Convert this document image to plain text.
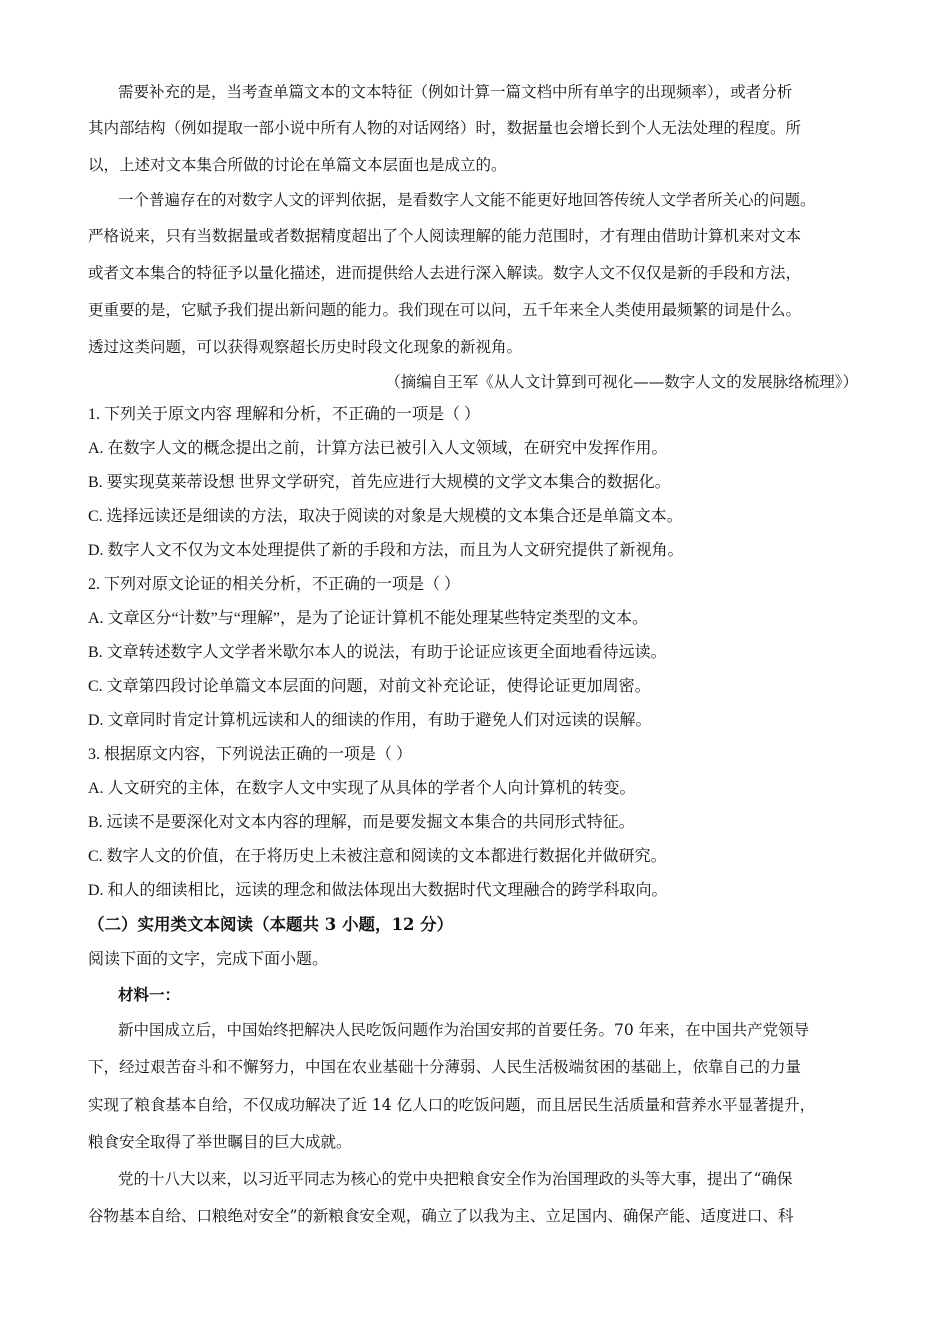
需要补充的是，当考查单篇文本的文本特征（例如计算一篇文档中所有单字的出现频率），或者分析
其内部结构（例如提取一部小说中所有人物的对话网络）时，数据量也会增长到个人无法处理的程度。所
以，上述对文本集合所做的讨论在单篇文本层面也是成立的。
一个普遍存在的对数字人文的评判依据，是看数字人文能不能更好地回答传统人文学者所关心的问题。
严格说来，只有当数据量或者数据精度超出了个人阅读理解的能力范围时，才有理由借助计算机来对文本
或者文本集合的特征予以量化描述，进而提供给人去进行深入解读。数字人文不仅仅是新的手段和方法，
更重要的是，它赋予我们提出新问题的能力。我们现在可以问，五千年来全人类使用最频繁的词是什么。
透过这类问题，可以获得观察超长历史时段文化现象的新视角。
（摘编自王军《从人文计算到可视化——数字人文的发展脉络梳理》）
1. 下列关于原文内容 理解和分析，不正确的一项是（ ）
A. 在数字人文的概念提出之前，计算方法已被引入人文领域，在研究中发挥作用。
B. 要实现莫莱蒂设想 世界文学研究，首先应进行大规模的文学文本集合的数据化。
C. 选择远读还是细读的方法，取决于阅读的对象是大规模的文本集合还是单篇文本。
D. 数字人文不仅为文本处理提供了新的手段和方法，而且为人文研究提供了新视角。
2. 下列对原文论证的相关分析，不正确的一项是（ ）
A. 文章区分“计数”与“理解”，是为了论证计算机不能处理某些特定类型的文本。
B. 文章转述数字人文学者米歇尔本人的说法，有助于论证应该更全面地看待远读。
C. 文章第四段讨论单篇文本层面的问题，对前文补充论证，使得论证更加周密。
D. 文章同时肯定计算机远读和人的细读的作用，有助于避免人们对远读的误解。
3. 根据原文内容，下列说法正确的一项是（ ）
A. 人文研究的主体，在数字人文中实现了从具体的学者个人向计算机的转变。
B. 远读不是要深化对文本内容的理解，而是要发掘文本集合的共同形式特征。
C. 数字人文的价值，在于将历史上未被注意和阅读的文本都进行数据化并做研究。
D. 和人的细读相比，远读的理念和做法体现出大数据时代文理融合的跨学科取向。
（二）实用类文本阅读（本题共 3 小题，12 分）
阅读下面的文字，完成下面小题。
材料一：
新中国成立后，中国始终把解决人民吃饭问题作为治国安邦的首要任务。70 年来，在中国共产党领导
下，经过艰苦奋斗和不懈努力，中国在农业基础十分薄弱、人民生活极端贫困的基础上，依靠自己的力量
实现了粮食基本自给，不仅成功解决了近 14 亿人口的吃饭问题，而且居民生活质量和营养水平显著提升，
粮食安全取得了举世瞩目的巨大成就。
党的十八大以来，以习近平同志为核心的党中央把粮食安全作为治国理政的头等大事，提出了“确保
谷物基本自给、口粮绝对安全”的新粮食安全观，确立了以我为主、立足国内、确保产能、适度进口、科
